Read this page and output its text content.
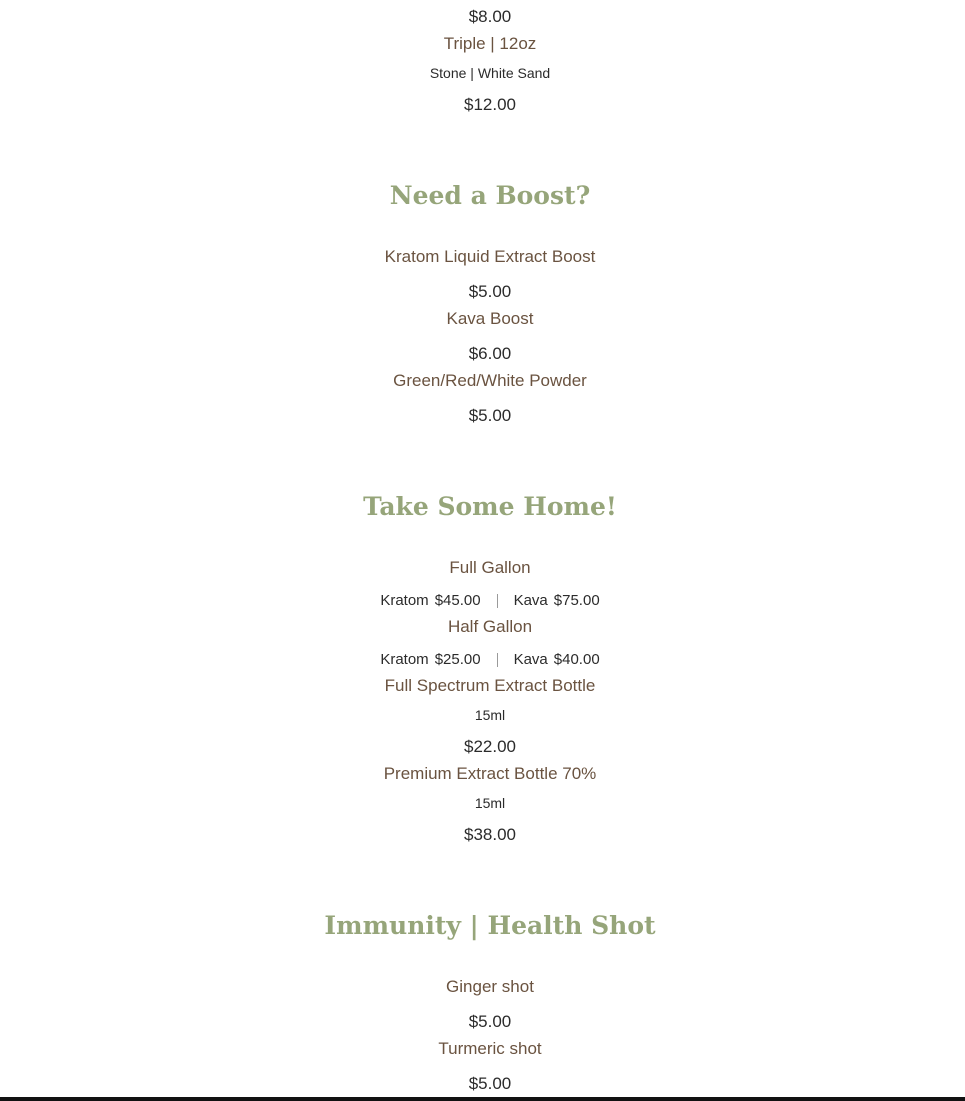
$8.00
Triple | 12oz
Stone | White Sand
$12.00
Need a Boost?
Kratom Liquid Extract Boost
$5.00
Kava Boost
$6.00
Green/Red/White Powder
$5.00
Take Some Home!
Full Gallon
Kratom $45.00 Kava $75.00
Half Gallon
Kratom $25.00 Kava $40.00
Full Spectrum Extract Bottle
15ml
$22.00
Premium Extract Bottle 70%
15ml
$38.00
Immunity | Health Shot
Ginger shot
$5.00
Turmeric shot
$5.00
